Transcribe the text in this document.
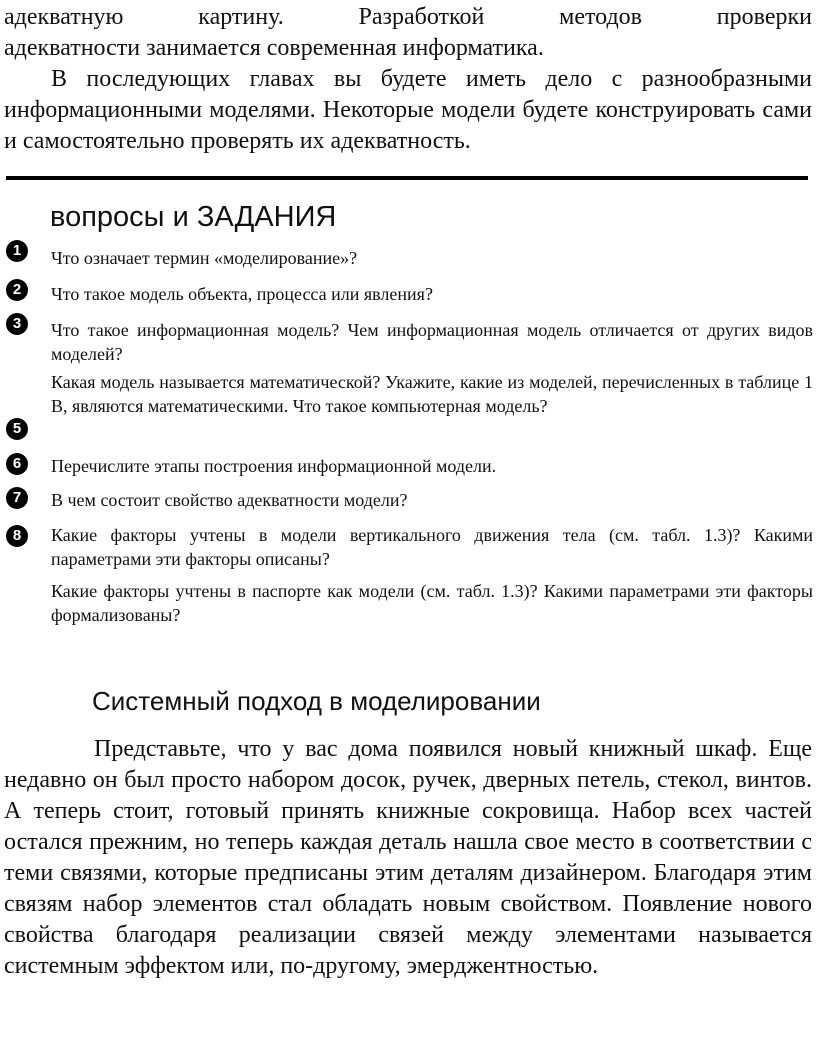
адекватную картину. Разработкой методов проверки

адекватности занимается современная информатика.

В последующих главах вы будете иметь дело с разнообразными информационными моделями. Некоторые модели будете конструировать сами и самостоятельно проверять их адекватность.

вопросы и ЗАДАНИЯ
1	Что означает термин «моделирование»?

2	Что такое модель объекта, процесса или явления?

3	Что такое информационная модель? Чем информационная модель отличается от других видов моделей?

5

Какая модель называется математической? Укажите, какие из моделей, перечисленных в таблице 1 В, являются математическими. Что такое компьютерная модель?

6	Перечислите этапы построения информационной модели.

7	В чем состоит свойство адекватности модели?

8	Какие факторы учтены в модели вертикального движения тела (см. табл. 1.3)? Какими параметрами эти факторы описаны?

Какие факторы учтены в паспорте как модели (см. табл. 1.3)? Какими параметрами эти факторы формализованы?

Системный подход в моделировании

Представьте, что у вас дома появился новый книжный шкаф. Еще недавно он был просто набором досок, ручек, дверных петель, стекол, винтов. А теперь стоит, готовый принять книжные сокровища. Набор всех частей остался прежним, но теперь каждая деталь нашла свое место в соответствии с теми связями, которые предписаны этим деталям дизайнером. Благодаря этим связям набор элементов стал обладать новым свойством. Появление нового свойства благодаря реализации связей между элементами называется системным эффектом или, по-другому, эмерджентностью.
